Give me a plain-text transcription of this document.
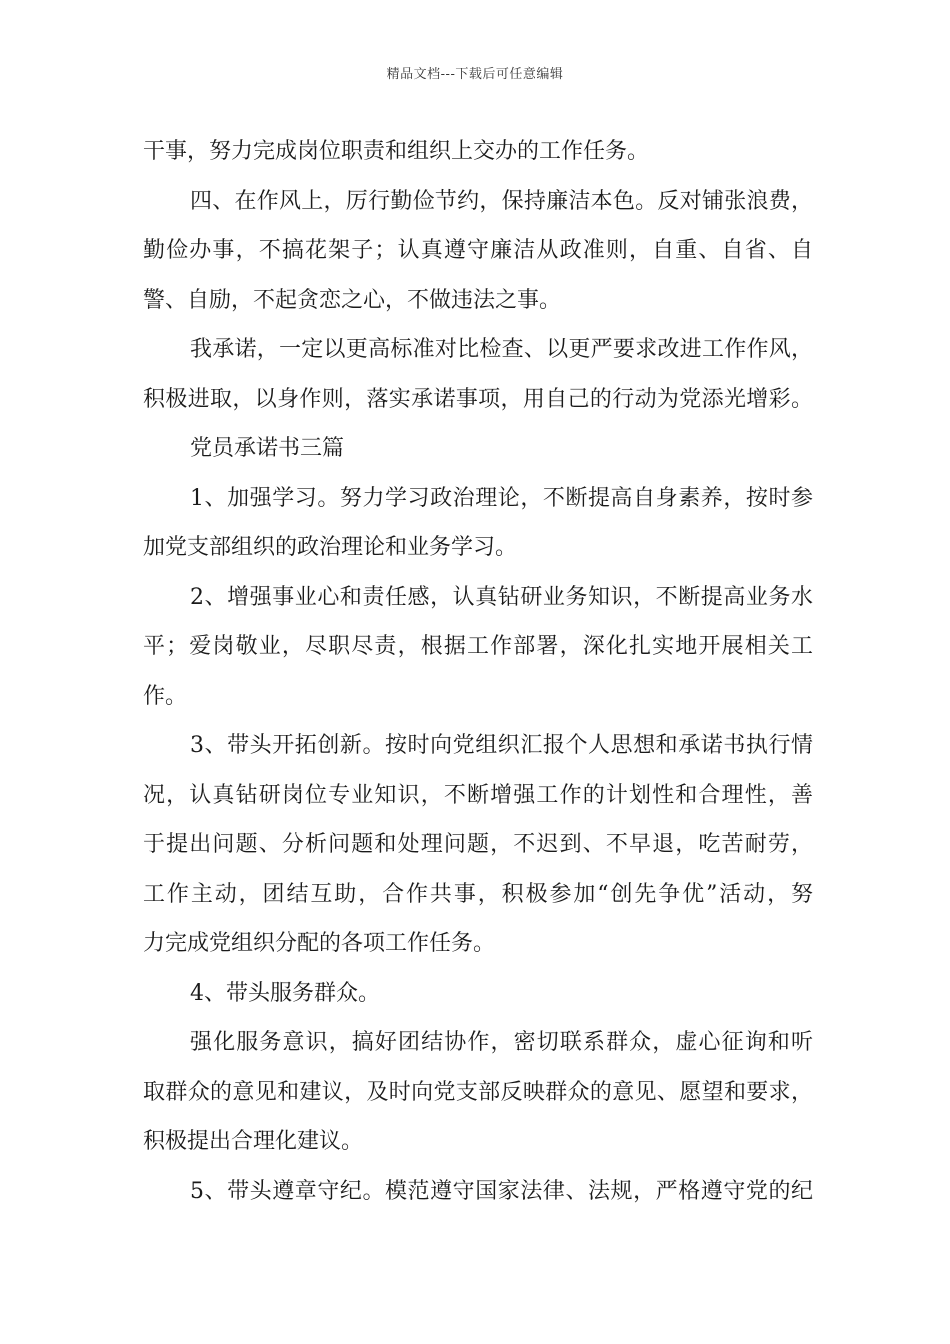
精品文档---下载后可任意编辑
干事，努力完成岗位职责和组织上交办的工作任务。
四、在作风上，厉行勤俭节约，保持廉洁本色。反对铺张浪费，
勤俭办事，不搞花架子；认真遵守廉洁从政准则，自重、自省、自
警、自励，不起贪恋之心，不做违法之事。
我承诺，一定以更高标准对比检查、以更严要求改进工作作风，
积极进取，以身作则，落实承诺事项，用自己的行动为党添光增彩。
党员承诺书三篇
1、加强学习。努力学习政治理论，不断提高自身素养，按时参
加党支部组织的政治理论和业务学习。
2、增强事业心和责任感，认真钻研业务知识，不断提高业务水
平；爱岗敬业，尽职尽责，根据工作部署，深化扎实地开展相关工
作。
3、带头开拓创新。按时向党组织汇报个人思想和承诺书执行情
况，认真钻研岗位专业知识，不断增强工作的计划性和合理性，善
于提出问题、分析问题和处理问题，不迟到、不早退，吃苦耐劳，
工作主动，团结互助，合作共事，积极参加“创先争优”活动，努
力完成党组织分配的各项工作任务。
4、带头服务群众。
强化服务意识，搞好团结协作，密切联系群众，虚心征询和听
取群众的意见和建议，及时向党支部反映群众的意见、愿望和要求，
积极提出合理化建议。
5、带头遵章守纪。模范遵守国家法律、法规，严格遵守党的纪
